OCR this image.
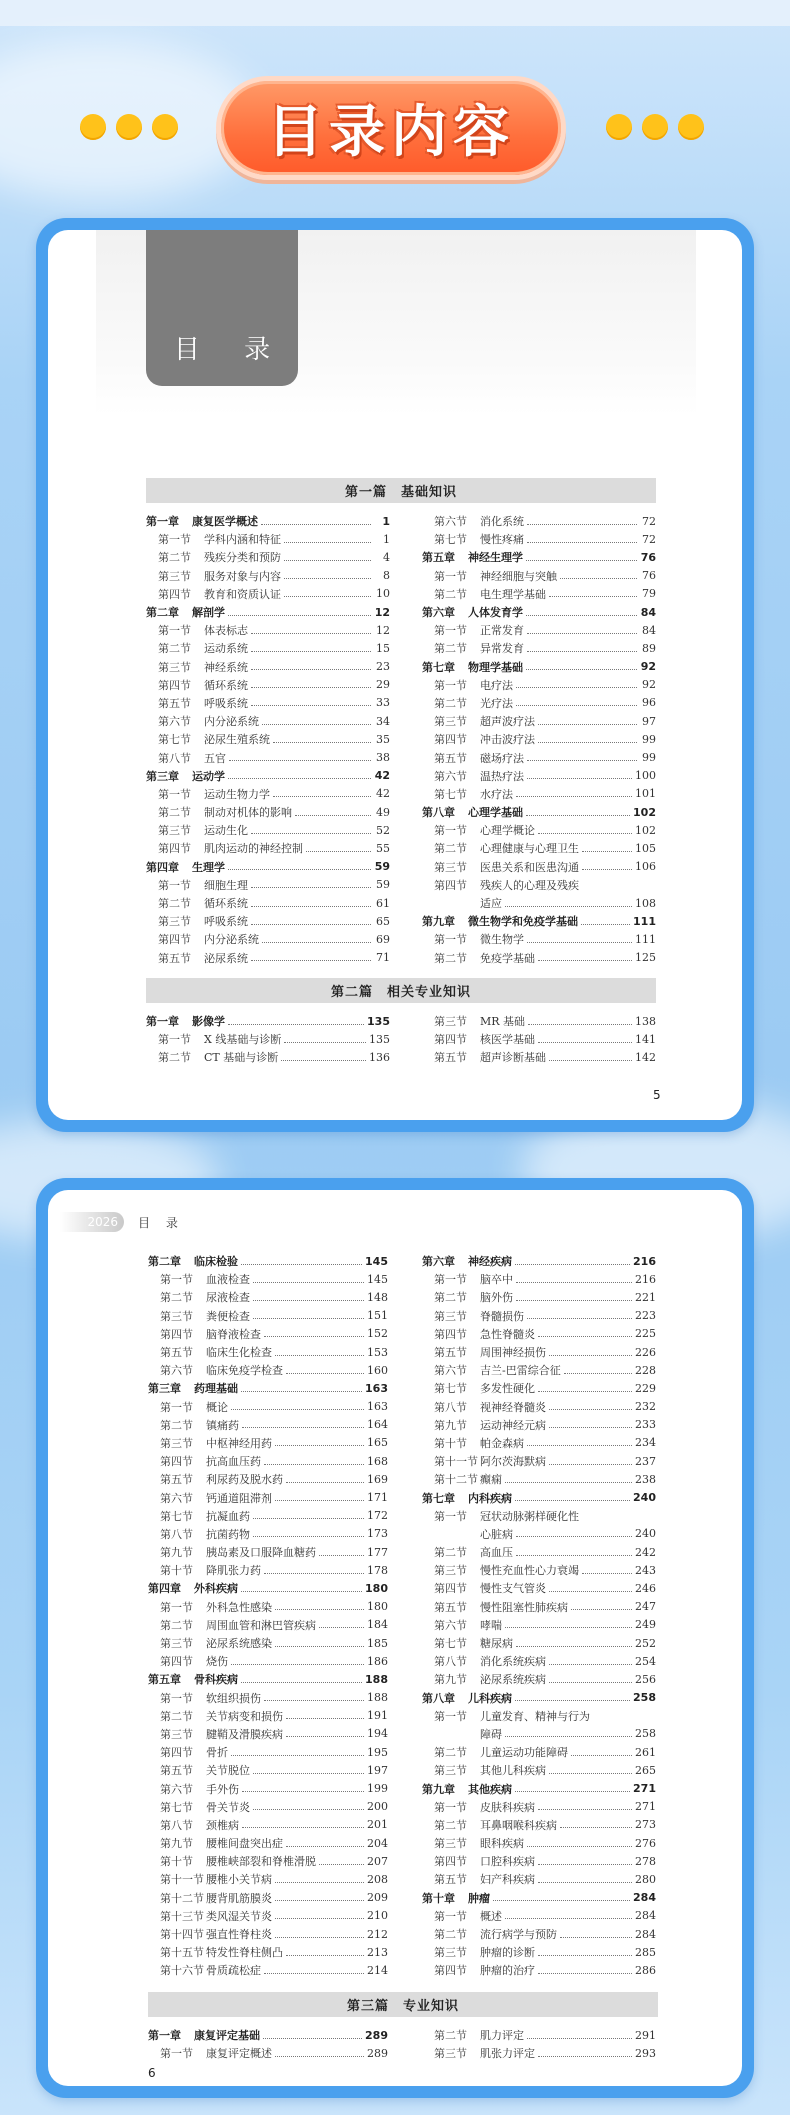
目录内容
目 录
第一篇　基础知识
第一章	康复医学概述	1
第一节	学科内涵和特征	1
第二节	残疾分类和预防	4
第三节	服务对象与内容	8
第四节	教育和资质认证	10
第二章	解剖学	12
第一节	体表标志	12
第二节	运动系统	15
第三节	神经系统	23
第四节	循环系统	29
第五节	呼吸系统	33
第六节	内分泌系统	34
第七节	泌尿生殖系统	35
第八节	五官	38
第三章	运动学	42
第一节	运动生物力学	42
第二节	制动对机体的影响	49
第三节	运动生化	52
第四节	肌肉运动的神经控制	55
第四章	生理学	59
第一节	细胞生理	59
第二节	循环系统	61
第三节	呼吸系统	65
第四节	内分泌系统	69
第五节	泌尿系统	71
第六节	消化系统	72
第七节	慢性疼痛	72
第五章	神经生理学	76
第一节	神经细胞与突触	76
第二节	电生理学基础	79
第六章	人体发育学	84
第一节	正常发育	84
第二节	异常发育	89
第七章	物理学基础	92
第一节	电疗法	92
第二节	光疗法	96
第三节	超声波疗法	97
第四节	冲击波疗法	99
第五节	磁场疗法	99
第六节	温热疗法	100
第七节	水疗法	101
第八章	心理学基础	102
第一节	心理学概论	102
第二节	心理健康与心理卫生	105
第三节	医患关系和医患沟通	106
第四节	残疾人的心理及残疾
适应	108
第九章	微生物学和免疫学基础	111
第一节	微生物学	111
第二节	免疫学基础	125
第二篇　相关专业知识
第一章	影像学	135
第一节	X 线基础与诊断	135
第二节	CT 基础与诊断	136
第三节	MR 基础	138
第四节	核医学基础	141
第五节	超声诊断基础	142
5
2026	目 录
第二章	临床检验	145
第一节	血液检查	145
第二节	尿液检查	148
第三节	粪便检查	151
第四节	脑脊液检查	152
第五节	临床生化检查	153
第六节	临床免疫学检查	160
第三章	药理基础	163
第一节	概论	163
第二节	镇痛药	164
第三节	中枢神经用药	165
第四节	抗高血压药	168
第五节	利尿药及脱水药	169
第六节	钙通道阻滞剂	171
第七节	抗凝血药	172
第八节	抗菌药物	173
第九节	胰岛素及口服降血糖药	177
第十节	降肌张力药	178
第四章	外科疾病	180
第一节	外科急性感染	180
第二节	周围血管和淋巴管疾病	184
第三节	泌尿系统感染	185
第四节	烧伤	186
第五章	骨科疾病	188
第一节	软组织损伤	188
第二节	关节病变和损伤	191
第三节	腱鞘及滑膜疾病	194
第四节	骨折	195
第五节	关节脱位	197
第六节	手外伤	199
第七节	骨关节炎	200
第八节	颈椎病	201
第九节	腰椎间盘突出症	204
第十节	腰椎峡部裂和脊椎滑脱	207
第十一节 腰椎小关节病	208
第十二节 腰背肌筋膜炎	209
第十三节 类风湿关节炎	210
第十四节 强直性脊柱炎	212
第十五节 特发性脊柱侧凸	213
第十六节 骨质疏松症	214
第六章	神经疾病	216
第一节	脑卒中	216
第二节	脑外伤	221
第三节	脊髓损伤	223
第四节	急性脊髓炎	225
第五节	周围神经损伤	226
第六节	吉兰-巴雷综合征	228
第七节	多发性硬化	229
第八节	视神经脊髓炎	232
第九节	运动神经元病	233
第十节	帕金森病	234
第十一节 阿尔茨海默病	237
第十二节 癫痫	238
第七章	内科疾病	240
第一节	冠状动脉粥样硬化性
心脏病	240
第二节	高血压	242
第三节	慢性充血性心力衰竭	243
第四节	慢性支气管炎	246
第五节	慢性阻塞性肺疾病	247
第六节	哮喘	249
第七节	糖尿病	252
第八节	消化系统疾病	254
第九节	泌尿系统疾病	256
第八章	儿科疾病	258
第一节	儿童发育、精神与行为
障碍	258
第二节	儿童运动功能障碍	261
第三节	其他儿科疾病	265
第九章	其他疾病	271
第一节	皮肤科疾病	271
第二节	耳鼻咽喉科疾病	273
第三节	眼科疾病	276
第四节	口腔科疾病	278
第五节	妇产科疾病	280
第十章	肿瘤	284
第一节	概述	284
第二节	流行病学与预防	284
第三节	肿瘤的诊断	285
第四节	肿瘤的治疗	286
第三篇　专业知识
第一章	康复评定基础	289
第一节	康复评定概述	289
第二节	肌力评定	291
第三节	肌张力评定	293
6
